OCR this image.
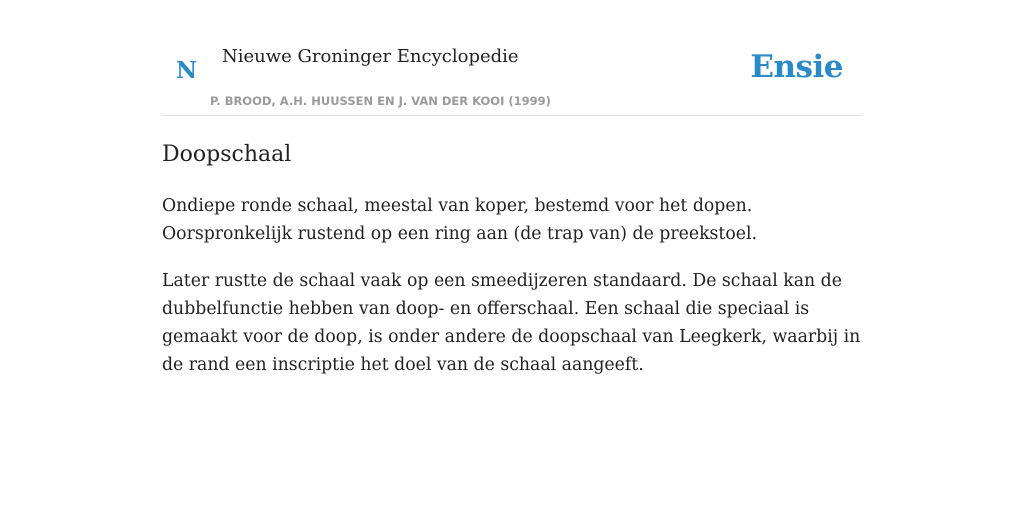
N
Nieuwe Groninger Encyclopedie
P. BROOD, A.H. HUUSSEN EN J. VAN DER KOOI (1999)
Ensie
Doopschaal

Ondiepe ronde schaal, meestal van koper, bestemd voor het dopen. Oorspronkelijk rustend op een ring aan (de trap van) de preekstoel.

Later rustte de schaal vaak op een smeedijzeren standaard. De schaal kan de dubbelfunctie hebben van doop- en offerschaal. Een schaal die speciaal is gemaakt voor de doop, is onder andere de doopschaal van Leegkerk, waarbij in de rand een inscriptie het doel van de schaal aangeeft.
